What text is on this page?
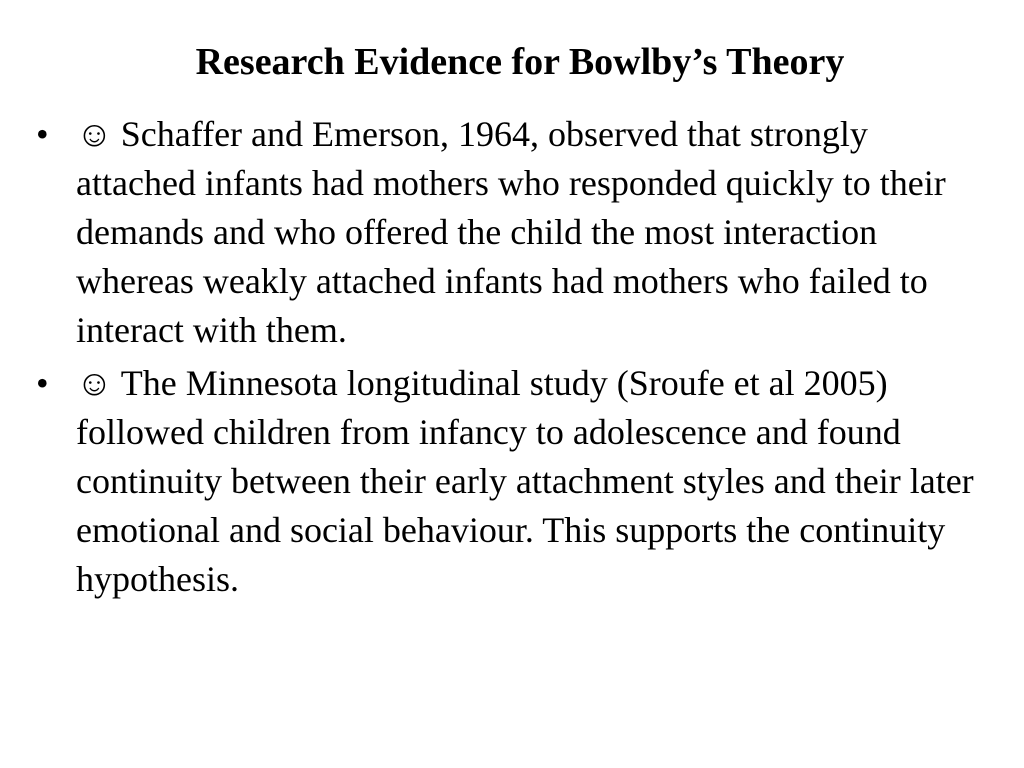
Research Evidence for Bowlby’s Theory
• ☺ Schaffer and Emerson, 1964, observed that strongly attached infants had mothers who responded quickly to their demands and who offered the child the most interaction whereas weakly attached infants had mothers who failed to interact with them.
• ☺ The Minnesota longitudinal study (Sroufe et al 2005) followed children from infancy to adolescence and found continuity between their early attachment styles and their later emotional and social behaviour. This supports the continuity hypothesis.
